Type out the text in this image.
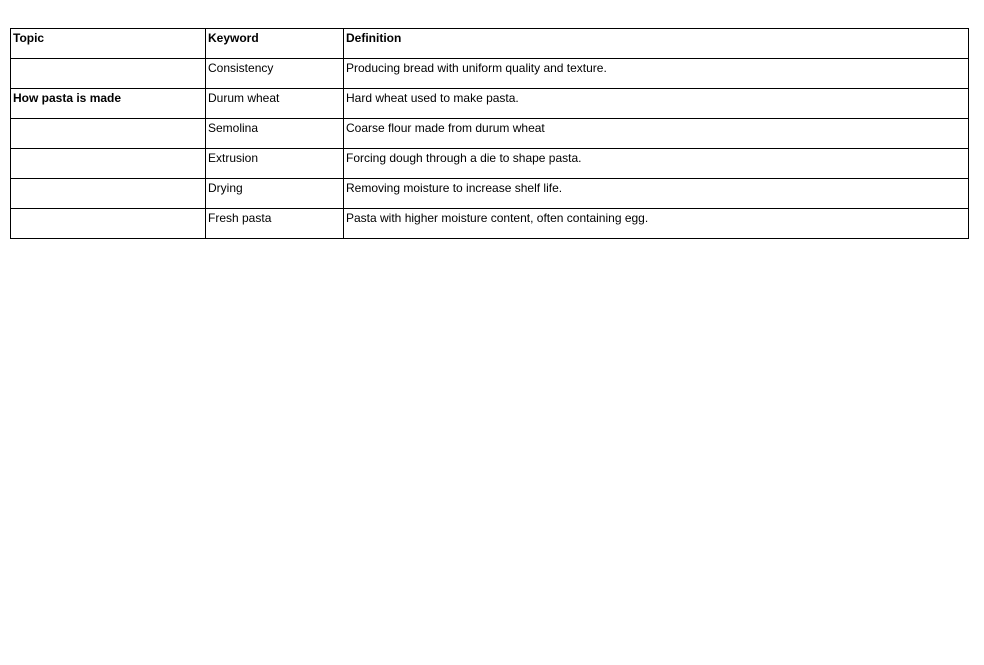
Topic	Keyword	Definition
	Consistency	Producing bread with uniform quality and texture.
How pasta is made	Durum wheat	Hard wheat used to make pasta.
	Semolina	Coarse flour made from durum wheat
	Extrusion	Forcing dough through a die to shape pasta.
	Drying	Removing moisture to increase shelf life.
	Fresh pasta	Pasta with higher moisture content, often containing egg.
